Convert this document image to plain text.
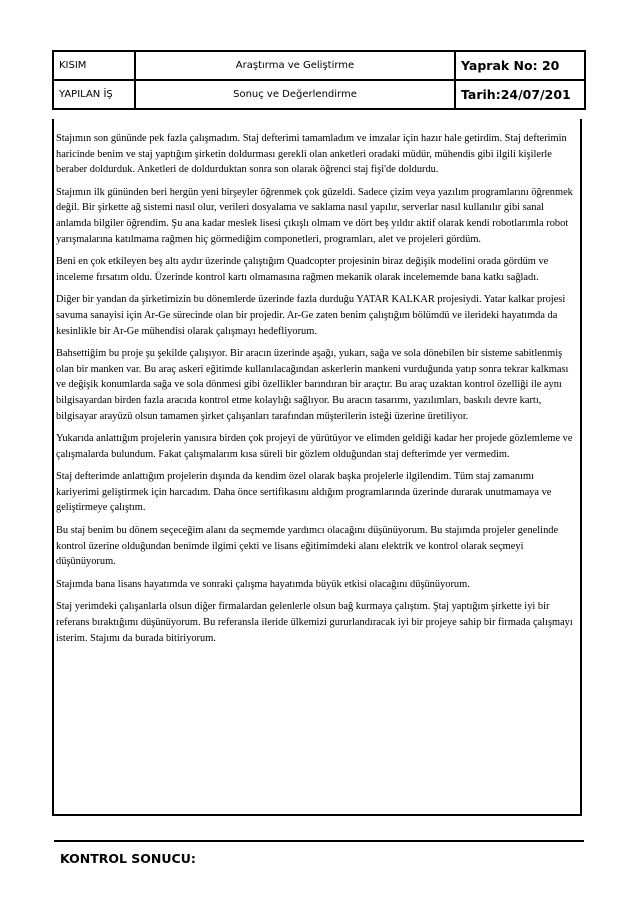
KISIM	Araştırma ve Geliştirme	Yaprak No: 20
YAPILAN İŞ	Sonuç ve Değerlendirme	Tarih:24/07/201

Stajımın son gününde pek fazla çalışmadım. Staj defterimi tamamladım ve imzalar için hazır hale getirdim. Staj defterimin haricinde benim ve staj yaptığım şirketin doldurması gerekli olan anketleri oradaki müdür, mühendis gibi ilgili kişilerle beraber doldurduk. Anketleri de doldurduktan sonra son olarak öğrenci staj fişi'de doldurdu.

Stajımın ilk gününden beri hergün yeni birşeyler öğrenmek çok güzeldi. Sadece çizim veya yazılım programlarını öğrenmek değil. Bir şirkette ağ sistemi nasıl olur, verileri dosyalama ve saklama nasıl yapılır, serverlar nasıl kullanılır gibi sanal anlamda bilgiler öğrendim. Şu ana kadar meslek lisesi çıkışlı olmam ve dört beş yıldır aktif olarak kendi robotlarımla robot yarışmalarına katılmama rağmen hiç görmediğim componetleri, programları, alet ve projeleri gördüm.

Beni en çok etkileyen beş altı aydır üzerinde çalıştığım Quadcopter projesinin biraz değişik modelini orada gördüm ve inceleme fırsatım oldu. Üzerinde kontrol kartı olmamasına rağmen mekanik olarak incelememde bana katkı sağladı.

Diğer bir yandan da şirketimizin bu dönemlerde üzerinde fazla durduğu YATAR KALKAR projesiydi. Yatar kalkar projesi savuma sanayisi için Ar-Ge sürecinde olan bir projedir. Ar-Ge zaten benim çalıştığım bölümdü ve ilerideki hayatımda da kesinlikle bir Ar-Ge mühendisi olarak çalışmayı hedefliyorum.

Bahsettiğim bu proje şu şekilde çalışıyor. Bir aracın üzerinde aşağı, yukarı, sağa ve sola dönebilen bir sisteme sabitlenmiş olan bir manken var. Bu araç askeri eğitimde kullanılacağından askerlerin mankeni vurduğunda yatıp sonra tekrar kalkması ve değişik konumlarda sağa ve sola dönmesi gibi özellikler barındıran bir araçtır. Bu araç uzaktan kontrol özelliği ile aynı bilgisayardan birden fazla aracıda kontrol etme kolaylığı sağlıyor. Bu aracın tasarımı, yazılımları, baskılı devre kartı, bilgisayar arayüzü olsun tamamen şirket çalışanları tarafından müşterilerin isteği üzerine üretiliyor.

Yukarıda anlattığım projelerin yanısıra birden çok projeyi de yürütüyor ve elimden geldiği kadar her projede gözlemleme ve çalışmalarda bulundum. Fakat çalışmalarım kısa süreli bir gözlem olduğundan staj defterimde yer vermedim.

Staj defterimde anlattığım projelerin dışında da kendim özel olarak başka projelerle ilgilendim. Tüm staj zamanımı kariyerimi geliştirmek için harcadım. Daha önce sertifikasını aldığım programlarında üzerinde durarak unutmamaya ve geliştirmeye çalıştım.

Bu staj benim bu dönem seçeceğim alanı da seçmemde yardımcı olacağını düşünüyorum. Bu stajımda projeler genelinde kontrol üzerine olduğundan benimde ilgimi çekti ve lisans eğitimimdeki alanı elektrik ve kontrol olarak seçmeyi düşünüyorum.

Stajımda bana lisans hayatımda ve sonraki çalışma hayatımda büyük etkisi olacağını düşünüyorum.

Staj yerimdeki çalışanlarla olsun diğer firmalardan gelenlerle olsun bağ kurmaya çalıştım. Ştaj yaptığım şirkette iyi bir referans bıraktığımı düşünüyorum. Bu referansla ileride ülkemizi gururlandıracak iyi bir projeye sahip bir firmada çalışmayı isterim. Stajımı da burada bitiriyorum.

KONTROL SONUCU:
